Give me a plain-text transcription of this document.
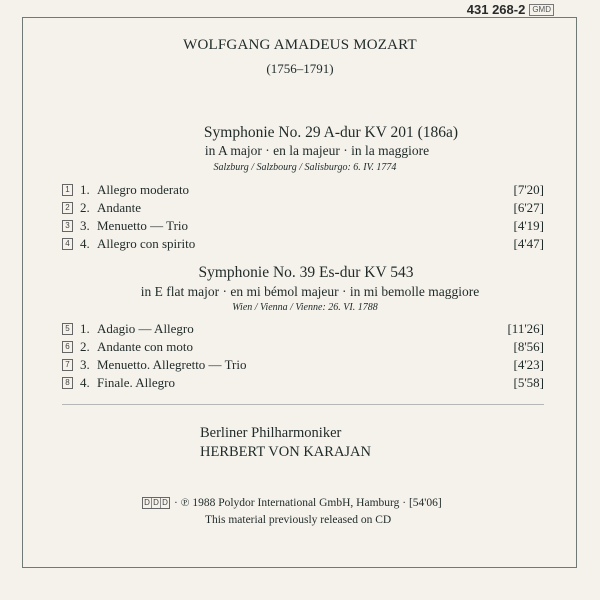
431 268-2 GMD
WOLFGANG AMADEUS MOZART
(1756–1791)
Symphonie No. 29 A-dur KV 201 (186a)
in A major · en la majeur · in la maggiore
Salzburg / Salzbourg / Salisburgo: 6. IV. 1774
1 1. Allegro moderato	[7'20]
2 2. Andante	[6'27]
3 3. Menuetto — Trio	[4'19]
4 4. Allegro con spirito	[4'47]
Symphonie No. 39 Es-dur KV 543
in E flat major · en mi bémol majeur · in mi bemolle maggiore
Wien / Vienna / Vienne: 26. VI. 1788
5 1. Adagio — Allegro	[11'26]
6 2. Andante con moto	[8'56]
7 3. Menuetto. Allegretto — Trio	[4'23]
8 4. Finale. Allegro	[5'58]
Berliner Philharmoniker
HERBERT VON KARAJAN
D D D · ℗ 1988 Polydor International GmbH, Hamburg · [54'06]
This material previously released on CD
